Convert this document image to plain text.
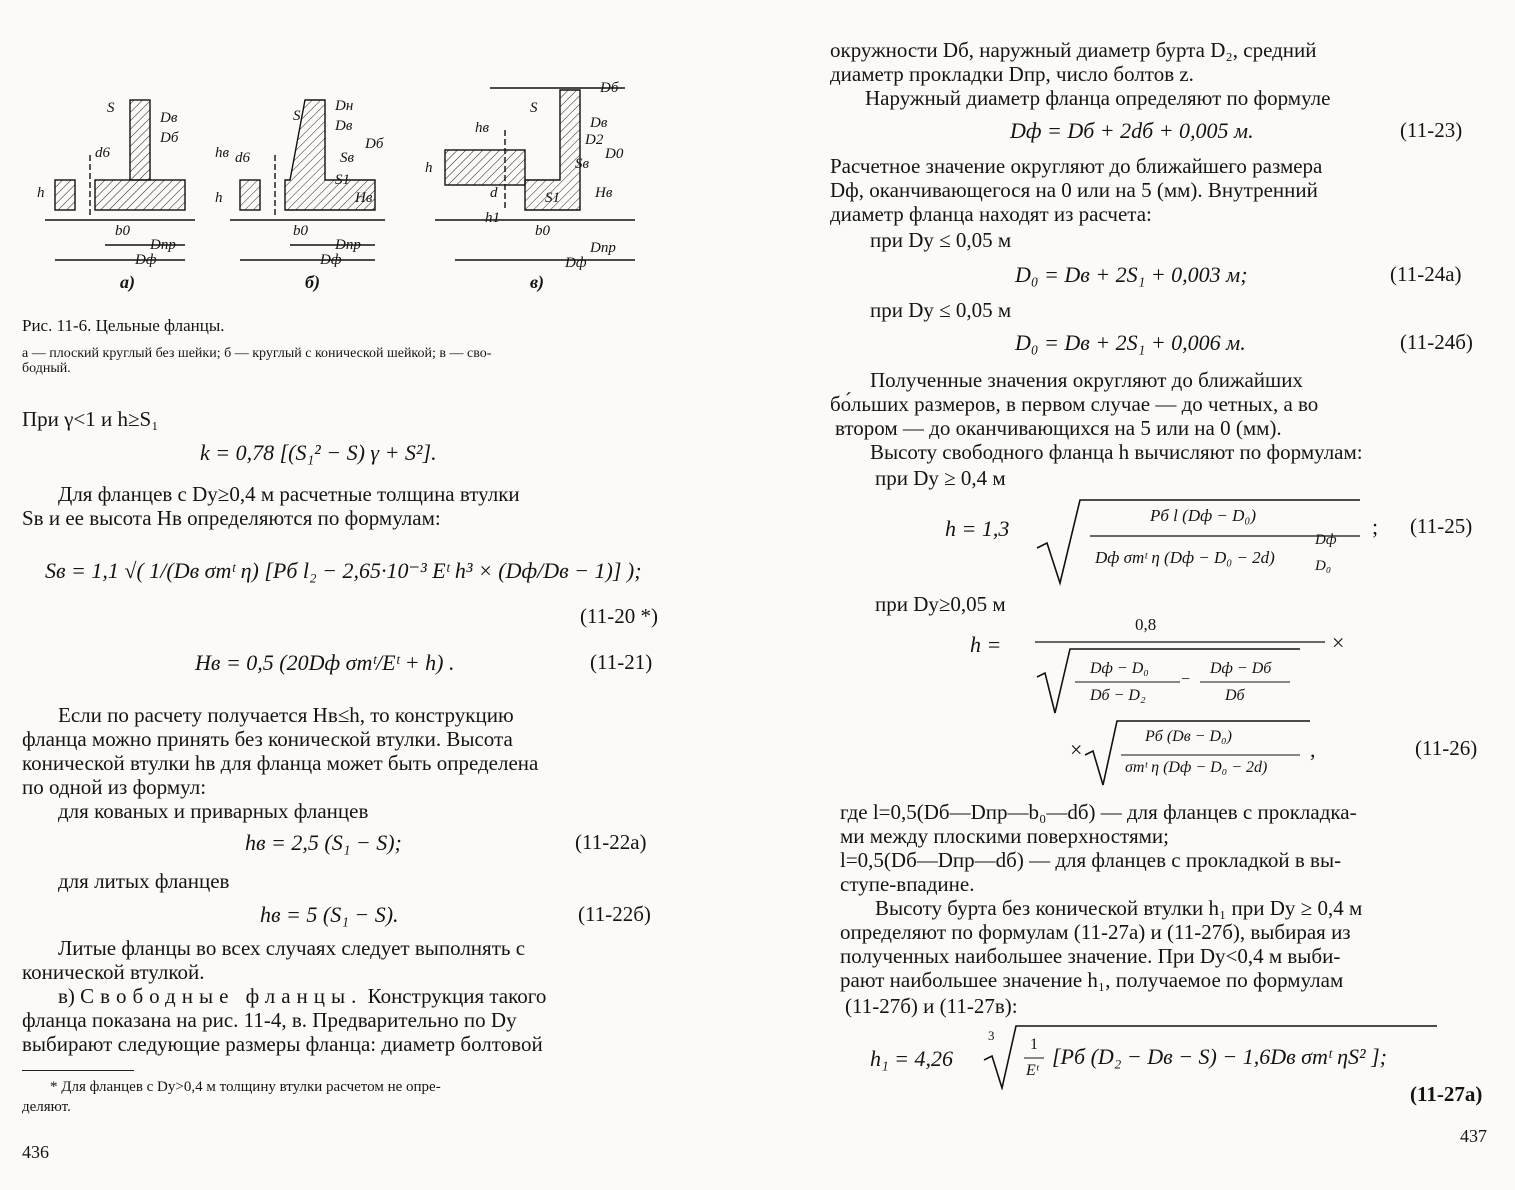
S
Dв
Dб
d6
h
b0
Dпр
Dф
а)
S
Dн
Dв
Dб
Sв
S1
Hв
d6
h
hв
b0
Dпр
Dф
б)
Dб
S
Dв
D2
D0
Sв
S1 Hв
hв
h
d
h1
b0
Dпр
Dф
в)
Рис. 11-6. Цельные фланцы.
а — плоский круглый без шейки; б — круглый с конической шейкой; в — сво-
бодный.
При γ<1 и h≥S₁
k = 0,78 [(S₁² − S) γ + S²].
Для фланцев с Dу≥0,4 м расчетные толщина втулки
Sв и ее высота Hв определяются по формулам:
Sв = 1,1 √( 1/(Dв σтᵗ η) [Pб l₂ − 2,65·10⁻³ Eᵗ h³ × (Dф/Dв − 1)] );
(11-20 *)
Hв = 0,5 (20Dф σтᵗ/Eᵗ + h) .	(11-21)
Если по расчету получается Hв≤h, то конструкцию
фланца можно принять без конической втулки. Высота
конической втулки hв для фланца может быть определена
по одной из формул:
для кованых и приварных фланцев
hв = 2,5 (S₁ − S);	(11-22а)
для литых фланцев
hв = 5 (S₁ − S).	(11-22б)
Литые фланцы во всех случаях следует выполнять с
конической втулкой.
в) Свободные фланцы. Конструкция такого
фланца показана на рис. 11-4, в. Предварительно по Dу
выбирают следующие размеры фланца: диаметр болтовой
* Для фланцев с Dу>0,4 м толщину втулки расчетом не опре-
деляют.
436
окружности Dб, наружный диаметр бурта D₂, средний
диаметр прокладки Dпр, число болтов z.
Наружный диаметр фланца определяют по формуле
Dф = Dб + 2dб + 0,005 м.	(11-23)
Расчетное значение округляют до ближайшего размера
Dф, оканчивающегося на 0 или на 5 (мм). Внутренний
диаметр фланца находят из расчета:
при Dу ≤ 0,05 м
D₀ = Dв + 2S₁ + 0,003 м;	(11-24а)
при Dу ≤ 0,05 м
D₀ = Dв + 2S₁ + 0,006 м.	(11-24б)
Полученные значения округляют до ближайших
бо́льших размеров, в первом случае — до четных, а во
втором — до оканчивающихся на 5 или на 0 (мм).
Высоту свободного фланца h вычисляют по формулам:
при Dу ≥ 0,4 м
h = 1,3
Pб l (Dф − D₀)
Dф σтᵗ η (Dф − D₀ − 2d)
Dф
D₀
; (11-25)
при Dу≥0,05 м
h =
0,8
Dф − D₀
Dб − D₂
−
Dф − Dб
Dб
×
×
Pб (Dв − D₀)
σтᵗ η (Dф − D₀ − 2d)
,	(11-26)
где l=0,5(Dб—Dпр—b₀—dб) — для фланцев с прокладка-
ми между плоскими поверхностями;
l=0,5(Dб—Dпр—dб) — для фланцев с прокладкой в вы-
ступе-впадине.
Высоту бурта без конической втулки h₁ при Dу ≥ 0,4 м
определяют по формулам (11-27а) и (11-27б), выбирая из
полученных наибольшее значение. При Dу<0,4 м выби-
рают наибольшее значение h₁, получаемое по формулам
(11-27б) и (11-27в):
h₁ = 4,26
3
1
Eᵗ
[Pб (D₂ − Dв − S) − 1,6Dв σтᵗ ηS² ];
(11-27а)
437
